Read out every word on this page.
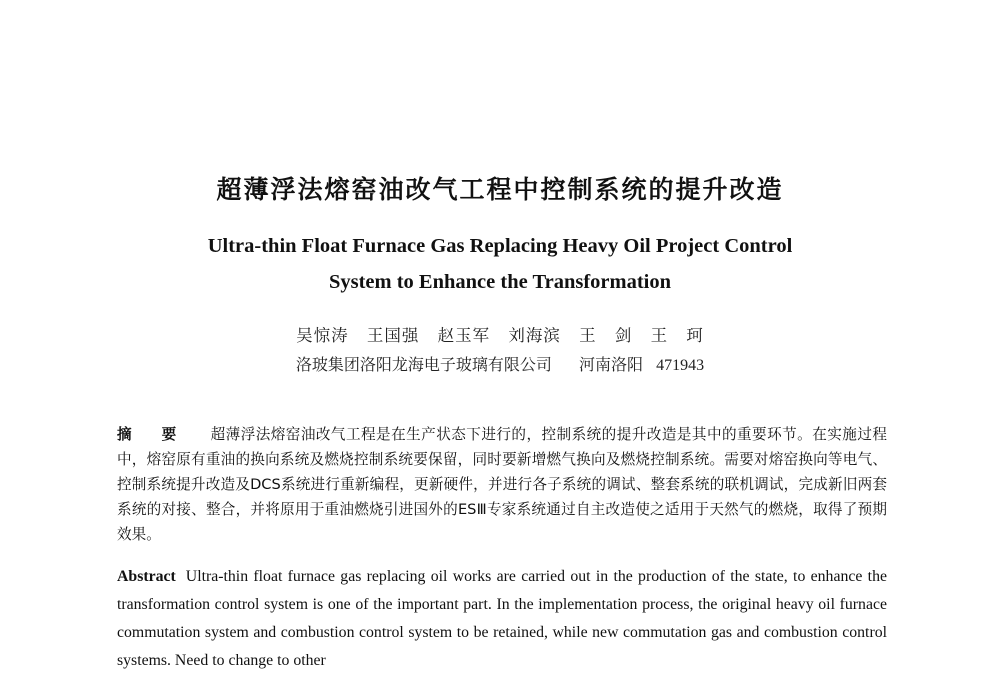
超薄浮法熔窑油改气工程中控制系统的提升改造
Ultra-thin Float Furnace Gas Replacing Heavy Oil Project Control
System to Enhance the Transformation
吴惊涛 王国强 赵玉军 刘海滨 王 剑 王 珂
洛玻集团洛阳龙海电子玻璃有限公司 河南洛阳 471943
摘 要 超薄浮法熔窑油改气工程是在生产状态下进行的，控制系统的提升改造是其中的重要环节。在实施过程中，熔窑原有重油的换向系统及燃烧控制系统要保留，同时要新增燃气换向及燃烧控制系统。需要对熔窑换向等电气、控制系统提升改造及DCS系统进行重新编程，更新硬件，并进行各子系统的调试、整套系统的联机调试，完成新旧两套系统的对接、整合，并将原用于重油燃烧引进国外的ESⅢ专家系统通过自主改造使之适用于天然气的燃烧，取得了预期效果。
Abstract Ultra-thin float furnace gas replacing oil works are carried out in the production of the state, to enhance the transformation control system is one of the important part. In the implementation process, the original heavy oil furnace commutation system and combustion control system to be retained, while new commutation gas and combustion control systems. Need to change to other
